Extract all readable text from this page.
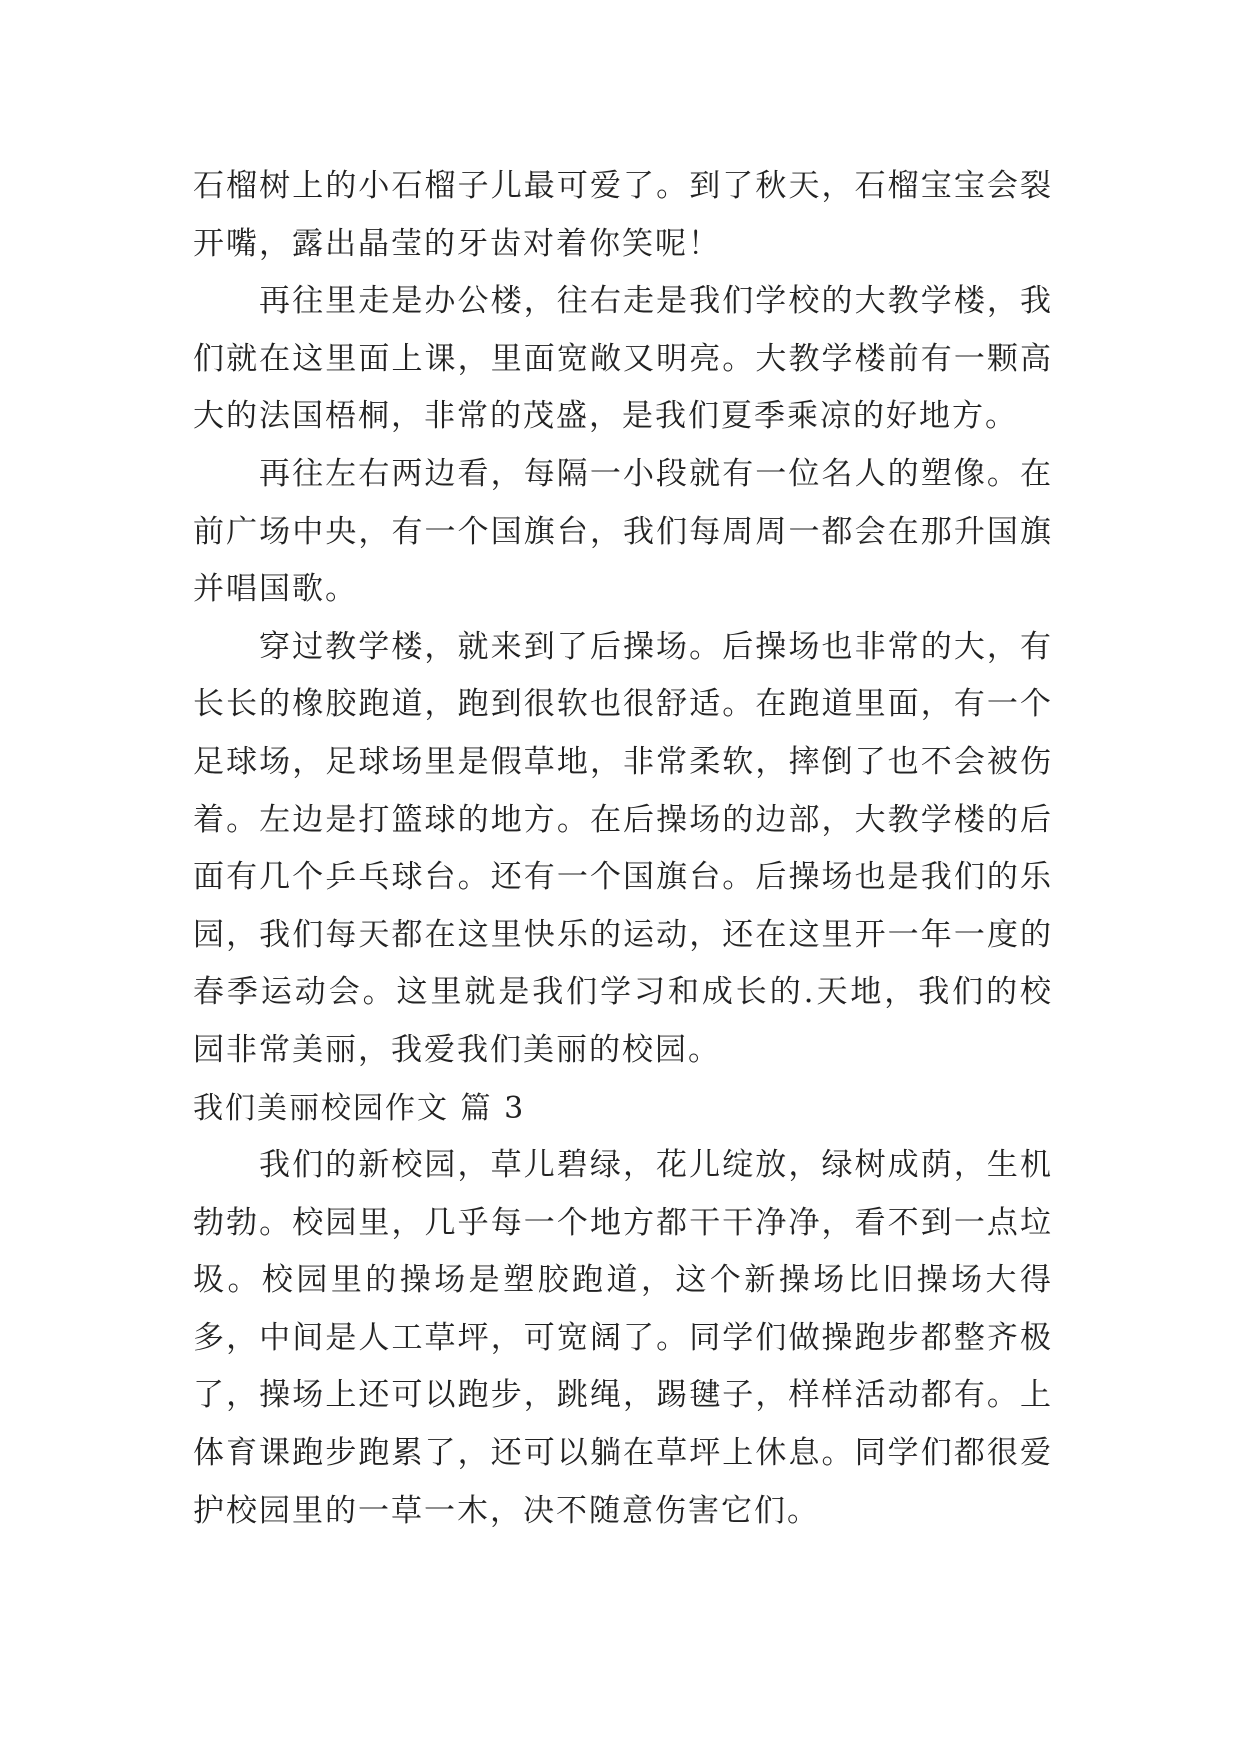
石榴树上的小石榴子儿最可爱了。到了秋天，石榴宝宝会裂开嘴，露出晶莹的牙齿对着你笑呢！

再往里走是办公楼，往右走是我们学校的大教学楼，我们就在这里面上课，里面宽敞又明亮。大教学楼前有一颗高大的法国梧桐，非常的茂盛，是我们夏季乘凉的好地方。

再往左右两边看，每隔一小段就有一位名人的塑像。在前广场中央，有一个国旗台，我们每周周一都会在那升国旗并唱国歌。

穿过教学楼，就来到了后操场。后操场也非常的大，有长长的橡胶跑道，跑到很软也很舒适。在跑道里面，有一个足球场，足球场里是假草地，非常柔软，摔倒了也不会被伤着。左边是打篮球的地方。在后操场的边部，大教学楼的后面有几个乒乓球台。还有一个国旗台。后操场也是我们的乐园，我们每天都在这里快乐的运动，还在这里开一年一度的春季运动会。这里就是我们学习和成长的.天地，我们的校园非常美丽，我爱我们美丽的校园。

我们美丽校园作文 篇 3

我们的新校园，草儿碧绿，花儿绽放，绿树成荫，生机勃勃。校园里，几乎每一个地方都干干净净，看不到一点垃圾。校园里的操场是塑胶跑道，这个新操场比旧操场大得多，中间是人工草坪，可宽阔了。同学们做操跑步都整齐极了，操场上还可以跑步，跳绳，踢毽子，样样活动都有。上体育课跑步跑累了，还可以躺在草坪上休息。同学们都很爱护校园里的一草一木，决不随意伤害它们。
